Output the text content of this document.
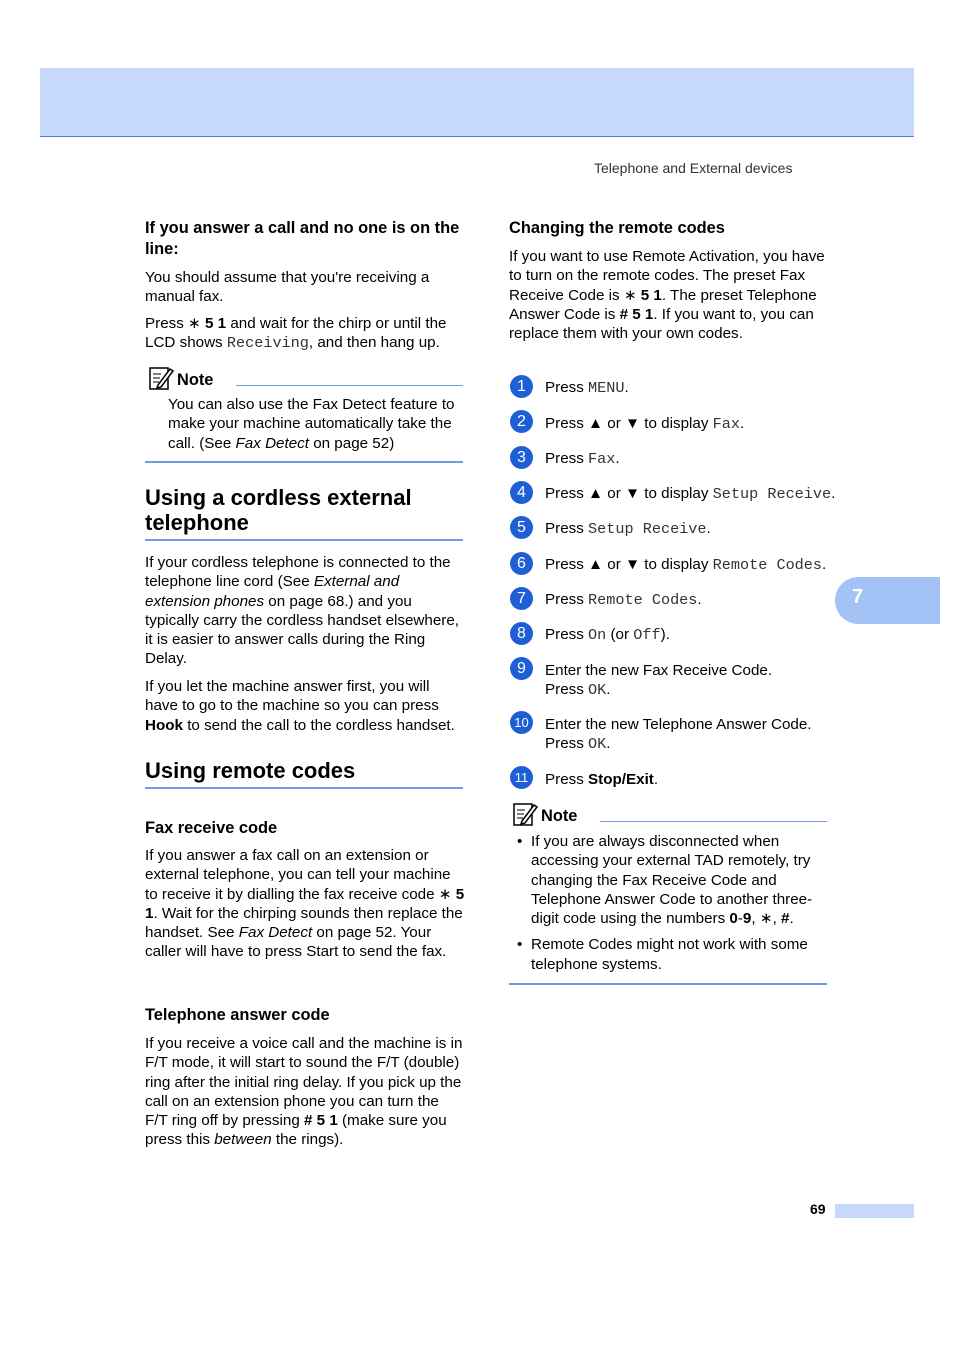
Telephone and External devices
If you answer a call and no one is on the line:
You should assume that you're receiving a manual fax.
Press ∗ 5 1 and wait for the chirp or until the LCD shows Receiving, and then hang up.
Note
You can also use the Fax Detect feature to make your machine automatically take the call. (See Fax Detect on page 52)
Using a cordless external telephone
If your cordless telephone is connected to the telephone line cord (See External and extension phones on page 68.) and you typically carry the cordless handset elsewhere, it is easier to answer calls during the Ring Delay.
If you let the machine answer first, you will have to go to the machine so you can press Hook to send the call to the cordless handset.
Using remote codes
Fax receive code
If you answer a fax call on an extension or external telephone, you can tell your machine to receive it by dialling the fax receive code ∗ 5 1. Wait for the chirping sounds then replace the handset. See Fax Detect on page 52. Your caller will have to press Start to send the fax.
Telephone answer code
If you receive a voice call and the machine is in F/T mode, it will start to sound the F/T (double) ring after the initial ring delay. If you pick up the call on an extension phone you can turn the F/T ring off by pressing # 5 1 (make sure you press this between the rings).
Changing the remote codes
If you want to use Remote Activation, you have to turn on the remote codes. The preset Fax Receive Code is ∗ 5 1. The preset Telephone Answer Code is # 5 1. If you want to, you can replace them with your own codes.
1	Press MENU.
2	Press ▲ or ▼ to display Fax.
3	Press Fax.
4	Press ▲ or ▼ to display Setup Receive.
5	Press Setup Receive.
6	Press ▲ or ▼ to display Remote Codes.
7	Press Remote Codes.
8	Press On (or Off).
9	Enter the new Fax Receive Code.
Press OK.
10 Enter the new Telephone Answer Code.
Press OK.
11	Press Stop/Exit.
Note
• If you are always disconnected when accessing your external TAD remotely, try changing the Fax Receive Code and Telephone Answer Code to another three-digit code using the numbers 0-9, ∗, #.
• Remote Codes might not work with some telephone systems.
7
69
